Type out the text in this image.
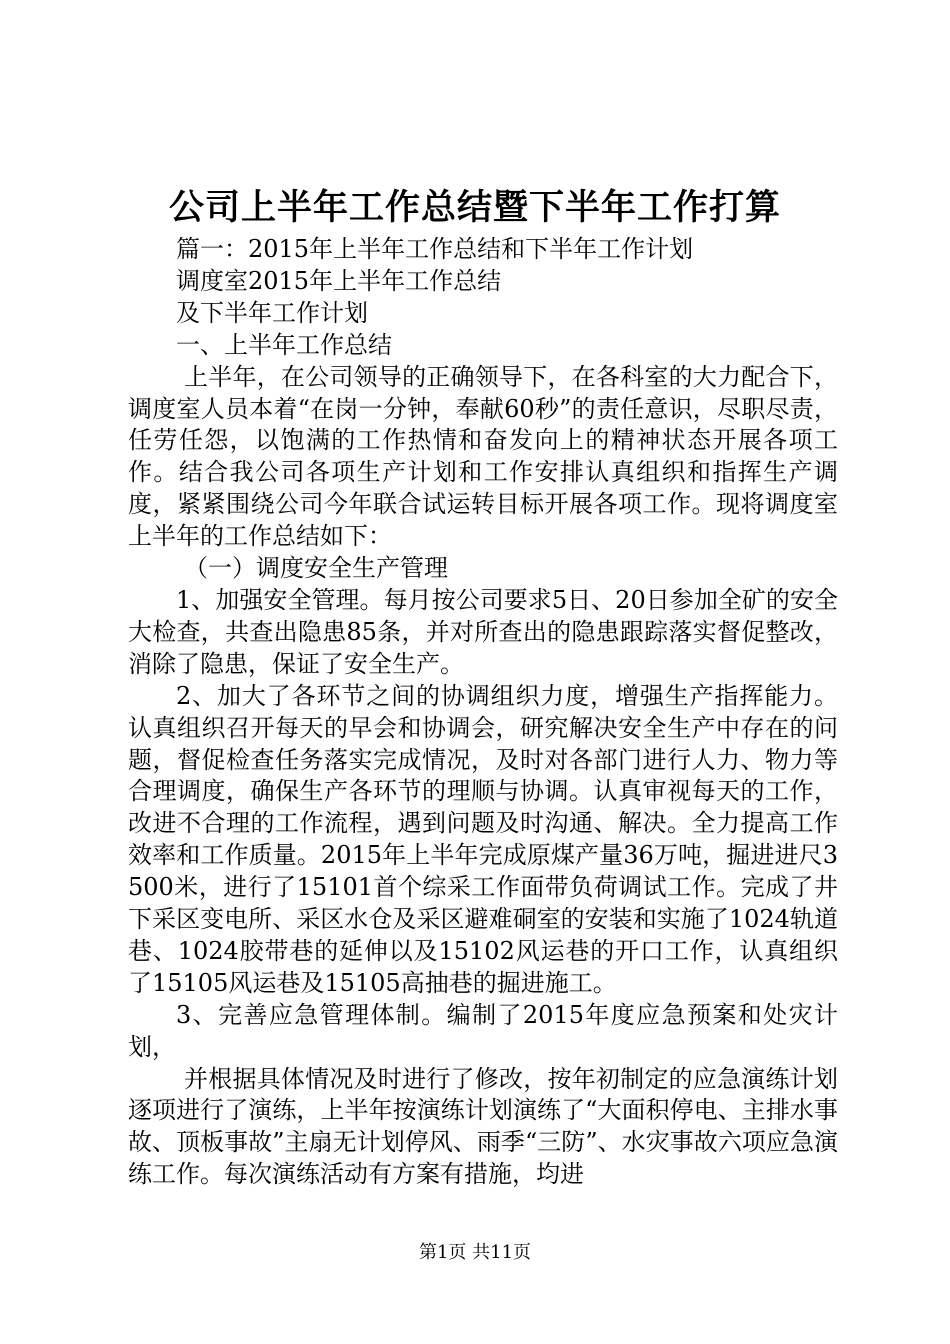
公司上半年工作总结暨下半年工作打算

篇一：2015年上半年工作总结和下半年工作计划

调度室2015年上半年工作总结

及下半年工作计划

一、上半年工作总结

上半年，在公司领导的正确领导下，在各科室的大力配合下，调度室人员本着“在岗一分钟，奉献60秒”的责任意识，尽职尽责，任劳任怨，以饱满的工作热情和奋发向上的精神状态开展各项工作。结合我公司各项生产计划和工作安排认真组织和指挥生产调度，紧紧围绕公司今年联合试运转目标开展各项工作。现将调度室上半年的工作总结如下：

（一）调度安全生产管理

1、加强安全管理。每月按公司要求5日、20日参加全矿的安全大检查，共查出隐患85条，并对所查出的隐患跟踪落实督促整改，消除了隐患，保证了安全生产。

2、加大了各环节之间的协调组织力度，增强生产指挥能力。认真组织召开每天的早会和协调会，研究解决安全生产中存在的问题，督促检查任务落实完成情况，及时对各部门进行人力、物力等合理调度，确保生产各环节的理顺与协调。认真审视每天的工作，改进不合理的工作流程，遇到问题及时沟通、解决。全力提高工作效率和工作质量。2015年上半年完成原煤产量36万吨，掘进进尺3500米，进行了15101首个综采工作面带负荷调试工作。完成了井下采区变电所、采区水仓及采区避难硐室的安装和实施了1024轨道巷、1024胶带巷的延伸以及15102风运巷的开口工作，认真组织了15105风运巷及15105高抽巷的掘进施工。

3、完善应急管理体制。编制了2015年度应急预案和处灾计划，

并根据具体情况及时进行了修改，按年初制定的应急演练计划逐项进行了演练，上半年按演练计划演练了“大面积停电、主排水事故、顶板事故”主扇无计划停风、雨季“三防”、水灾事故六项应急演练工作。每次演练活动有方案有措施，均进

第1页 共11页
